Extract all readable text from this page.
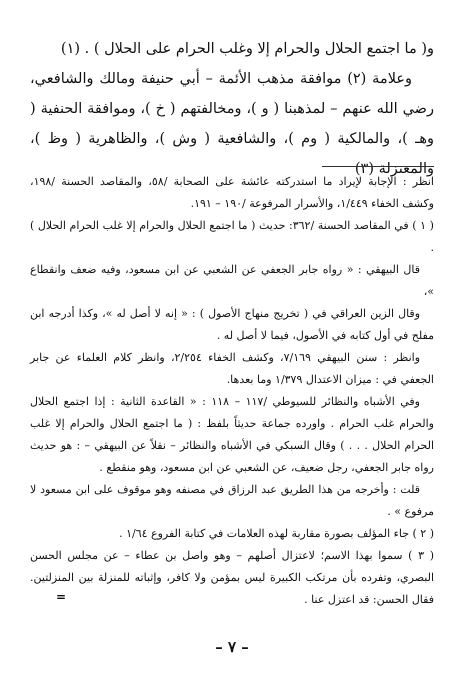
و( ما اجتمع الحلال والحرام إلا وغلب الحرام على الحلال ) . (١)

وعلامة (٢) موافقة مذهب الأئمة – أبي حنيفة ومالك والشافعي، رضي الله عنهم – لمذهبنا ( و )، ومخالفتهم ( خ )، وموافقة الحنفية ( وهـ )، والمالكية ( وم )، والشافعية ( وش )، والظاهرية ( وظ )، والمعتزلة (٣)

انظر : الإجابة لإيراد ما استدركته عائشة على الصحابة /٥٨، والمقاصد الحسنة /١٩٨، وكشف الخفاء ١/٤٤٩، والأسرار المرفوعة /١٩٠ – ١٩١.

( ١ ) في المقاصد الحسنة /٣٦٢: حديث ( ما اجتمع الحلال والحرام إلا غلب الحرام الحلال ) .

قال البيهقي : « رواه جابر الجعفي عن الشعبي عن ابن مسعود، وفيه ضعف وانقطاع »،

وقال الزين العراقي في ( تخريج منهاج الأصول ) : « إنه لا أصل له »، وكذا أدرجه ابن مفلح في أول كتابه في الأصول، فيما لا أصل له .

وانظر : سنن البيهقي ٧/١٦٩، وكشف الخفاء ٢/٢٥٤، وانظر كلام العلماء عن جابر الجعفي في : ميزان الاعتدال ١/٣٧٩ وما بعدها.

وفي الأشباه والنظائر للسيوطي /١١٧ – ١١٨ : « القاعدة الثانية : إذا اجتمع الحلال والحرام غلب الحرام . واورده جماعة حديثاً بلفظ : ( ما اجتمع الحلال والحرام إلا غلب الحرام الحلال . . . ) وقال السبكي في الأشباه والنظائر – نقلاً عن البيهقي – : هو حديث رواه جابر الجعفي، رجل ضعيف، عن الشعبي عن ابن مسعود، وهو منقطع .

قلت : وأخرجه من هذا الطريق عبد الرزاق في مصنفه وهو موقوف على ابن مسعود لا مرفوع » .

( ٢ ) جاء المؤلف بصورة مقاربة لهذه العلامات في كتابة الفروع ١/٦٤ .

( ٣ ) سموا بهذا الاسم؛ لاعتزال أصلهم – وهو واصل بن عطاء – عن مجلس الحسن البصري، وتفرده بأن مرتكب الكبيرة ليس بمؤمن ولا كافر، وإثباته للمنزلة بين المنزلتين. فقال الحسن: قد اعتزل عنا .

=
– ٧ –
